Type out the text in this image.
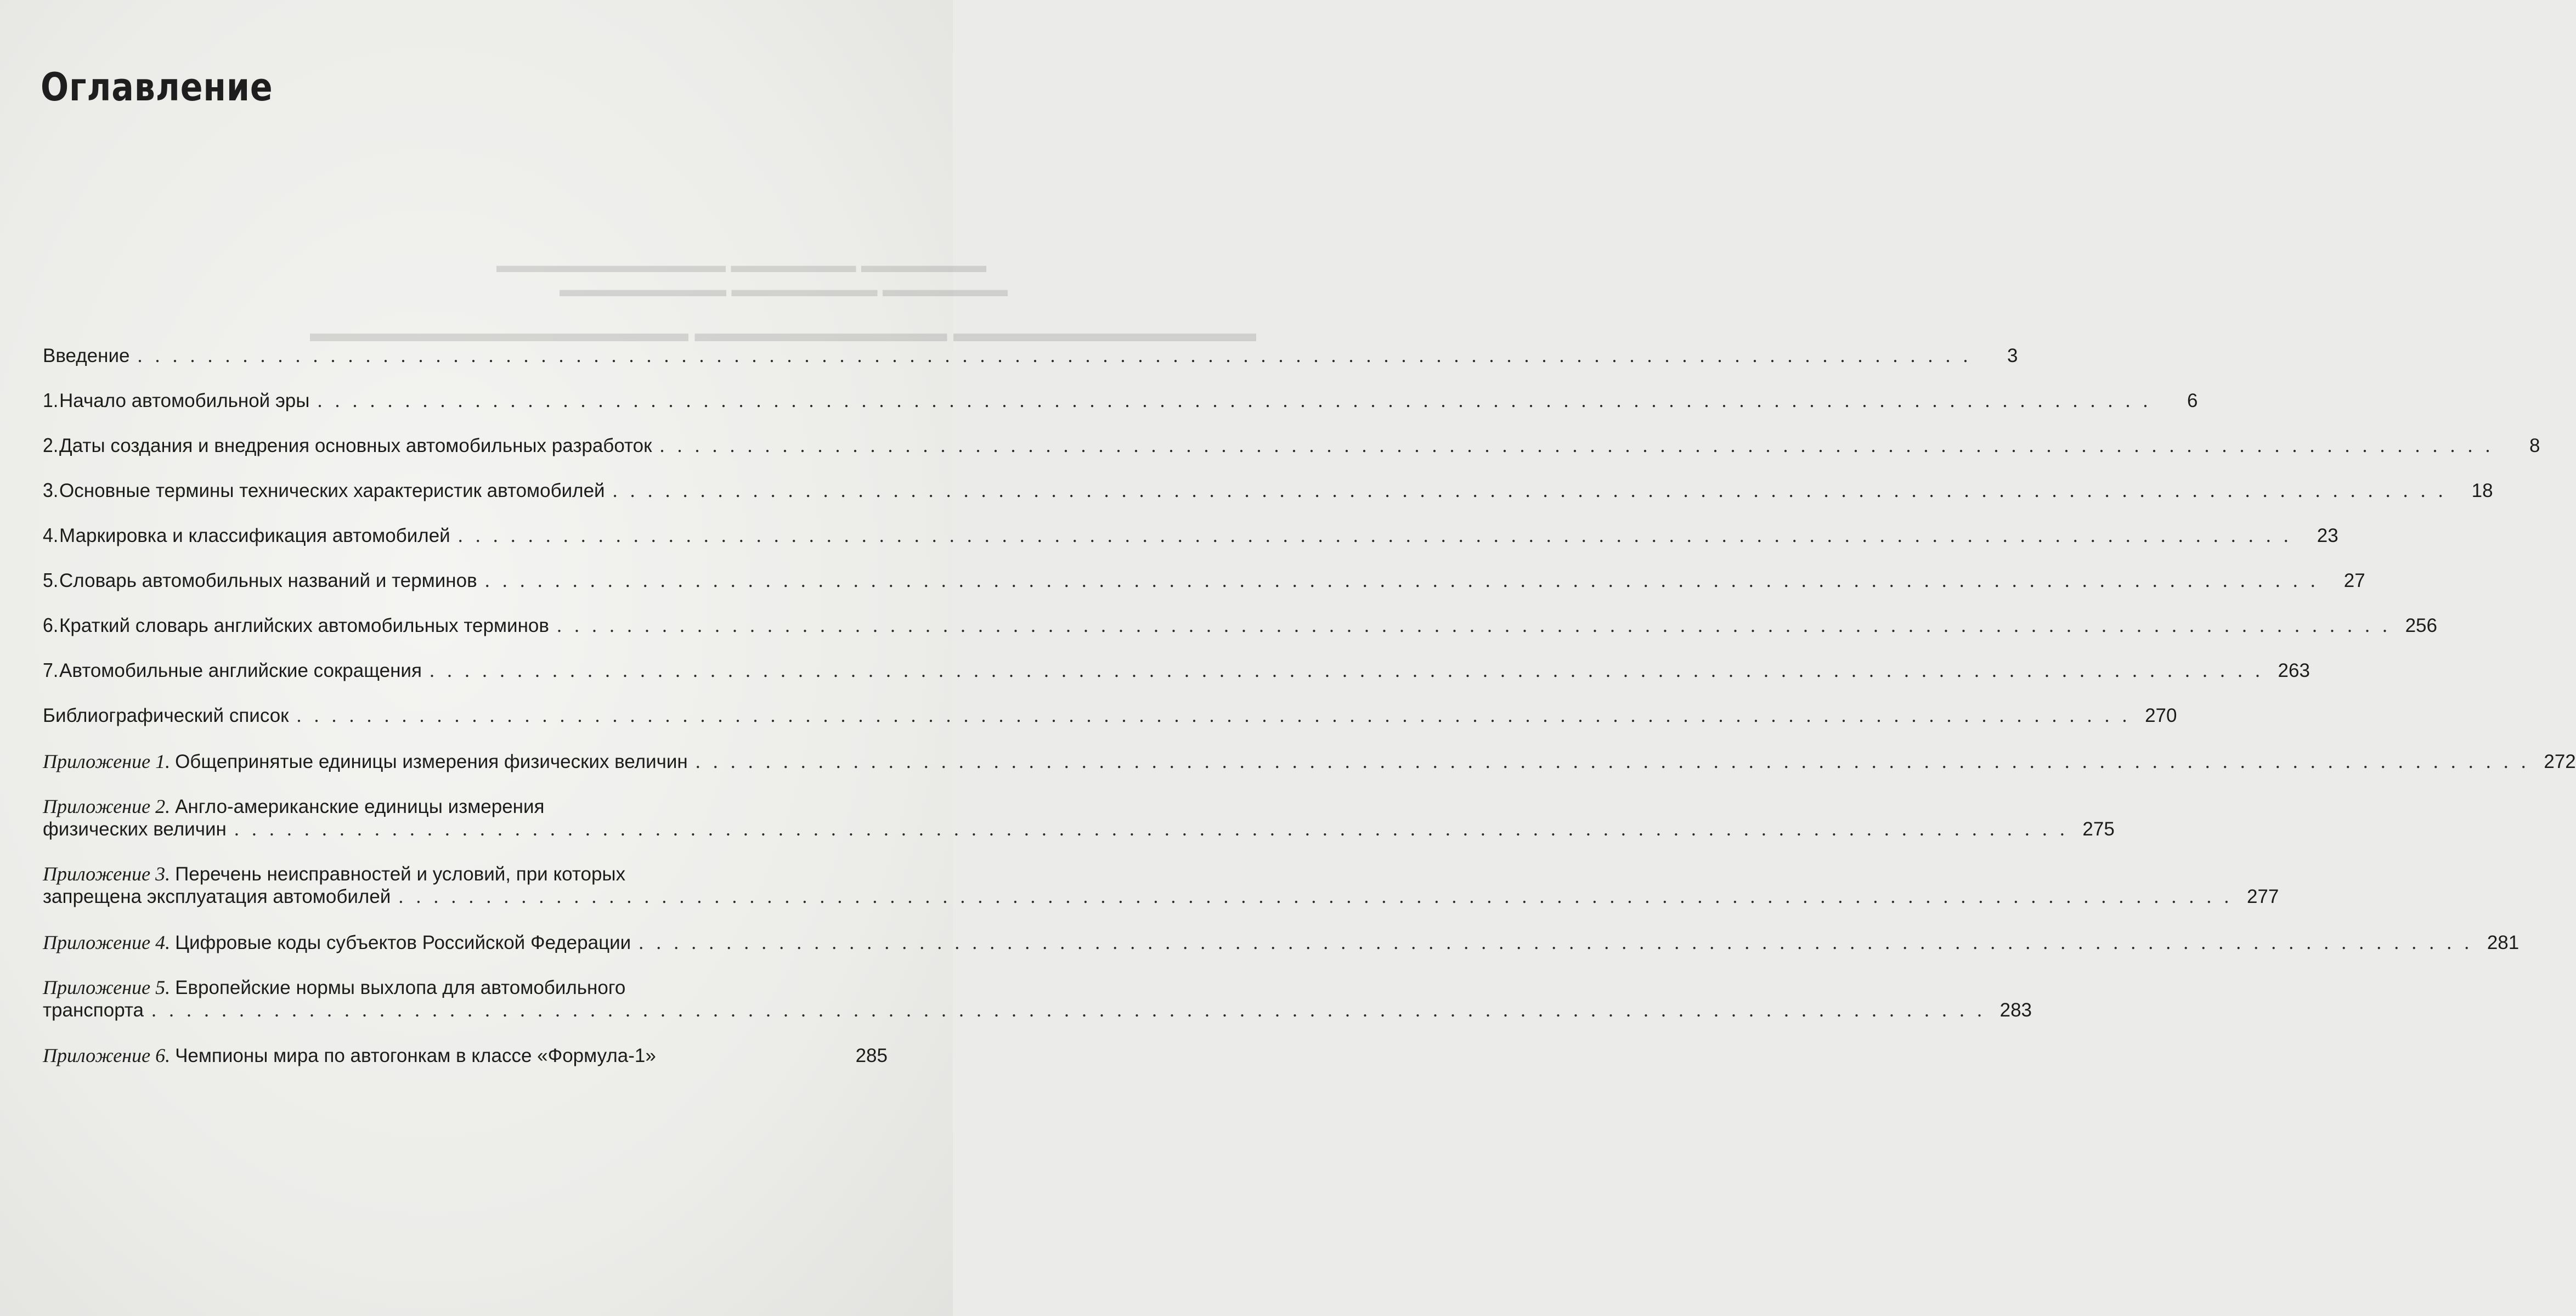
▬▬▬▬▬▬ ▬▬▬▬▬▬ ▬▬▬▬▬▬▬▬▬▬▬
▬▬▬▬▬▬ ▬▬▬▬▬▬▬ ▬▬▬▬▬▬▬▬
▬▬▬▬▬▬▬▬▬▬▬▬ ▬▬▬▬▬▬▬▬▬▬ ▬▬▬▬▬▬▬▬▬▬▬▬▬▬▬
Оглавление
Введение . . .	3
1. Начало автомобильной эры . . .	6
2. Даты создания и внедрения основных автомобильных разработок . . .	8
3. Основные термины технических характеристик автомобилей . . .	18
4. Маркировка и классификация автомобилей . . .	23
5. Словарь автомобильных названий и терминов . . .	27
6. Краткий словарь английских автомобильных терминов . . .	256
7. Автомобильные английские сокращения . . .	263
Библиографический список . . .	270
Приложение 1. Общепринятые единицы измерения физических величин . . .	272
Приложение 2. Англо-американские единицы измерения
физических величин . . .	275
Приложение 3. Перечень неисправностей и условий, при которых
запрещена эксплуатация автомобилей . . .	277
Приложение 4. Цифровые коды субъектов Российской Федерации . . .	281
Приложение 5. Европейские нормы выхлопа для автомобильного
транспорта . . .	283
Приложение 6. Чемпионы мира по автогонкам в классе «Формула-1»	285
